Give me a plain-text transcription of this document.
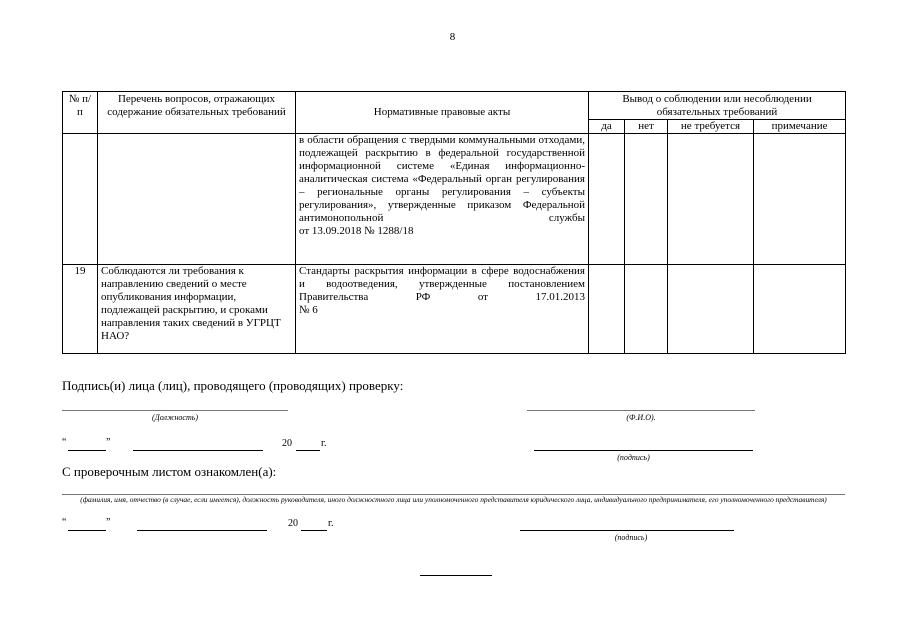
8
№ п/п	Перечень вопросов, отражающих содержание обязательных требований	Нормативные правовые акты	Вывод о соблюдении или несоблюдении обязательных требований			
			да	нет	не требуется	примечание

		в области обращения с твердыми коммунальными отходами, подлежащей раскрытию в федеральной государственной информационной системе «Единая информационно-аналитическая система «Федеральный орган регулирования – региональные органы регулирования – субъекты регулирования», утвержденные приказом Федеральной антимонопольной службы
от 13.09.2018 № 1288/18				
19	Соблюдаются ли требования к направлению сведений о месте опубликования информации, подлежащей раскрытию, и сроками направления таких сведений в УГРЦТ НАО?	Стандарты раскрытия информации в сфере водоснабжения и водоотведения, утвержденные постановлением Правительства РФ от 17.01.2013
№ 6				
Подпись(и) лица (лиц), проводящего (проводящих) проверку:
(Должность)	(Ф.И.О).
“	”	20	г.
(подпись)
С проверочным листом ознакомлен(а):
(фамилия, имя, отчество (в случае, если имеется), должность руководителя, иного должностного лица или уполномоченного представителя юридического лица, индивидуального предпринимателя, его уполномоченного представителя)
“	”	20	г.
(подпись)
